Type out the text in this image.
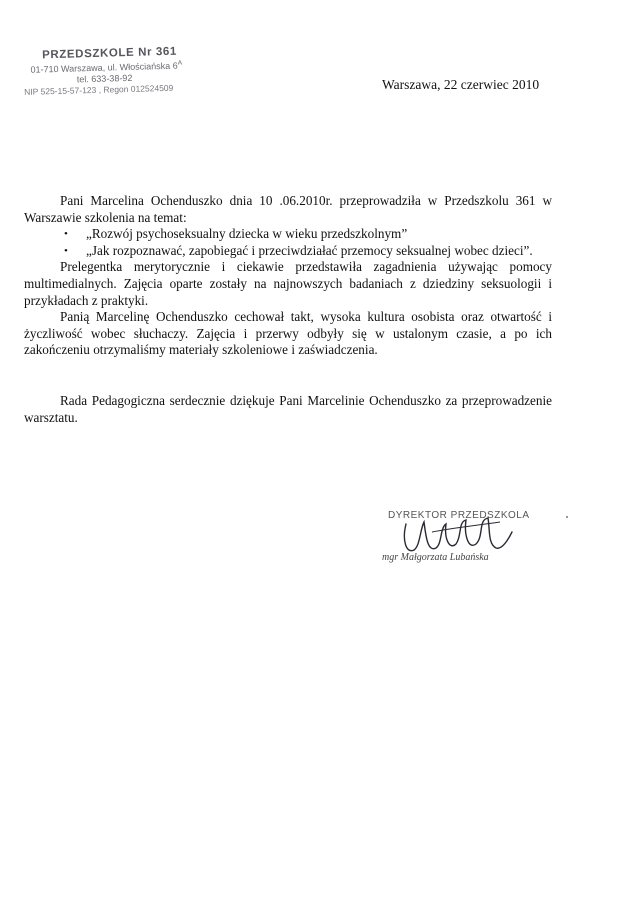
PRZEDSZKOLE Nr 361
01-710 Warszawa, ul. Włościańska $6^A$
tel. 633-38-92
NIP 525-15-57-123 , Regon 012524509	Warszawa, 22 czerwiec 2010

Pani Marcelina Ochenduszko dnia 10 .06.2010r. przeprowadziła w Przedszkolu 361 w Warszawie szkolenia na temat:

• „Rozwój psychoseksualny dziecka w wieku przedszkolnym”
• „Jak rozpoznawać, zapobiegać i przeciwdziałać przemocy seksualnej wobec dzieci”.

Prelegentka merytorycznie i ciekawie przedstawiła zagadnienia używając pomocy multimedialnych. Zajęcia oparte zostały na najnowszych badaniach z dziedziny seksuologii i przykładach z praktyki.

Panią Marcelinę Ochenduszko cechował takt, wysoka kultura osobista oraz otwartość i życzliwość wobec słuchaczy. Zajęcia i przerwy odbyły się w ustalonym czasie, a po ich zakończeniu otrzymaliśmy materiały szkoleniowe i zaświadczenia.

Rada Pedagogiczna serdecznie dziękuje Pani Marcelinie Ochenduszko za przeprowadzenie warsztatu.

DYREKTOR PRZEDSZKOLA
mgr Małgorzata Lubańska
